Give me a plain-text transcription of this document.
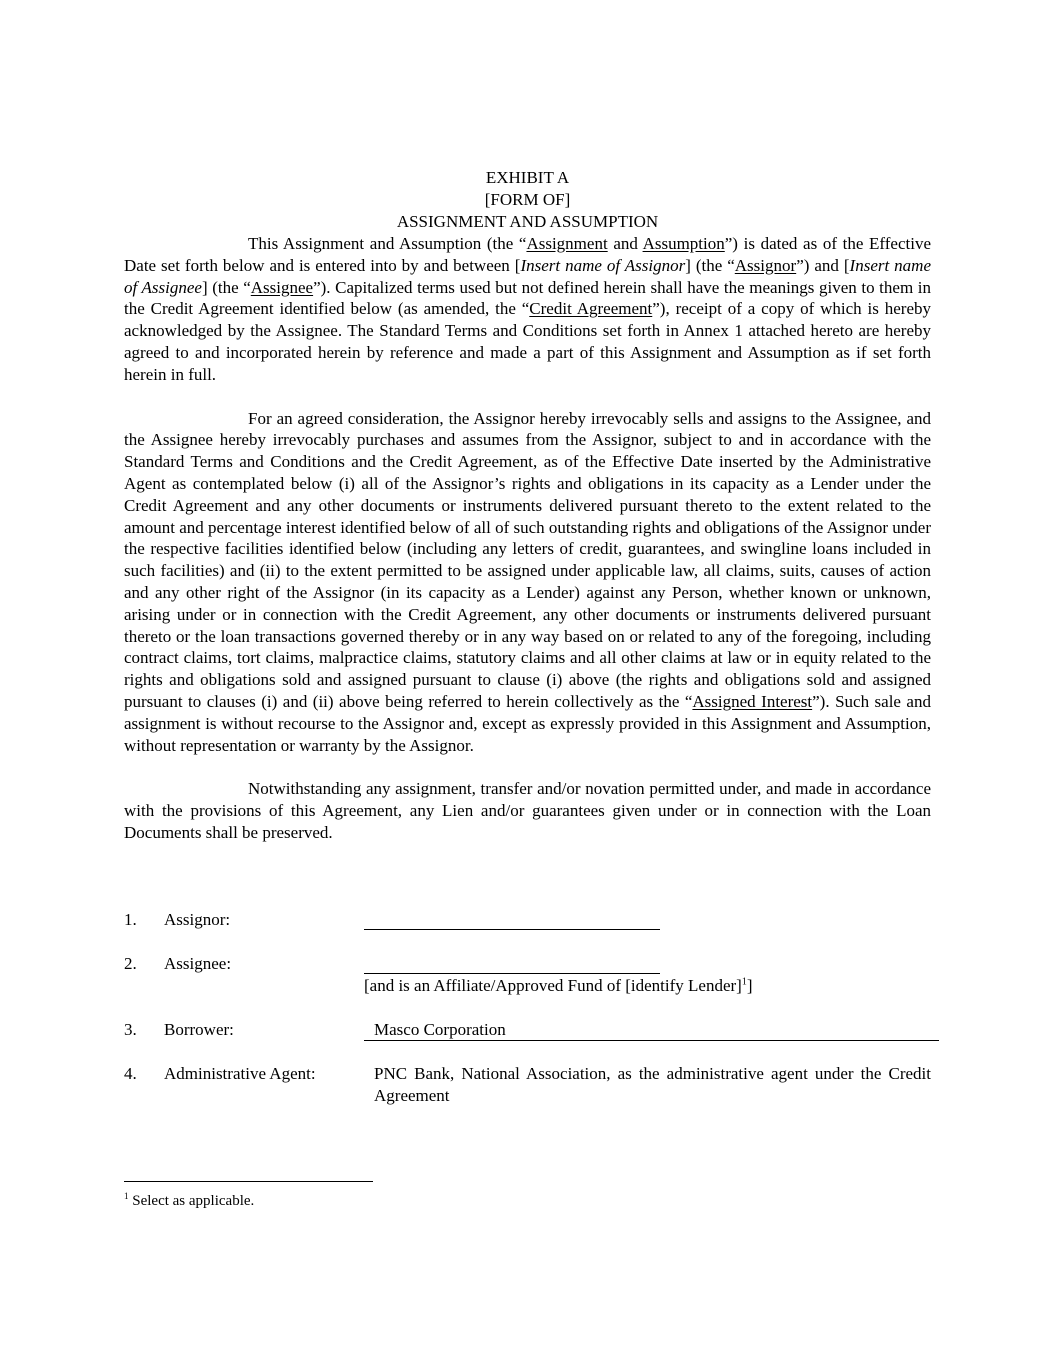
EXHIBIT A

[FORM OF]

ASSIGNMENT AND ASSUMPTION

This Assignment and Assumption (the “Assignment and Assumption”) is dated as of the Effective Date set forth below and is entered into by and between [Insert name of Assignor] (the “Assignor”) and [Insert name of Assignee] (the “Assignee”). Capitalized terms used but not defined herein shall have the meanings given to them in the Credit Agreement identified below (as amended, the “Credit Agreement”), receipt of a copy of which is hereby acknowledged by the Assignee. The Standard Terms and Conditions set forth in Annex 1 attached hereto are hereby agreed to and incorporated herein by reference and made a part of this Assignment and Assumption as if set forth herein in full.

For an agreed consideration, the Assignor hereby irrevocably sells and assigns to the Assignee, and the Assignee hereby irrevocably purchases and assumes from the Assignor, subject to and in accordance with the Standard Terms and Conditions and the Credit Agreement, as of the Effective Date inserted by the Administrative Agent as contemplated below (i) all of the Assignor’s rights and obligations in its capacity as a Lender under the Credit Agreement and any other documents or instruments delivered pursuant thereto to the extent related to the amount and percentage interest identified below of all of such outstanding rights and obligations of the Assignor under the respective facilities identified below (including any letters of credit, guarantees, and swingline loans included in such facilities) and (ii) to the extent permitted to be assigned under applicable law, all claims, suits, causes of action and any other right of the Assignor (in its capacity as a Lender) against any Person, whether known or unknown, arising under or in connection with the Credit Agreement, any other documents or instruments delivered pursuant thereto or the loan transactions governed thereby or in any way based on or related to any of the foregoing, including contract claims, tort claims, malpractice claims, statutory claims and all other claims at law or in equity related to the rights and obligations sold and assigned pursuant to clause (i) above (the rights and obligations sold and assigned pursuant to clauses (i) and (ii) above being referred to herein collectively as the “Assigned Interest”). Such sale and assignment is without recourse to the Assignor and, except as expressly provided in this Assignment and Assumption, without representation or warranty by the Assignor.

Notwithstanding any assignment, transfer and/or novation permitted under, and made in accordance with the provisions of this Agreement, any Lien and/or guarantees given under or in connection with the Loan Documents shall be preserved.

1. Assignor:
2. Assignee:
[and is an Affiliate/Approved Fund of [identify Lender]$^1$]
3. Borrower:	Masco Corporation
4. Administrative Agent:	PNC Bank, National Association, as the administrative agent under the Credit Agreement
$^1$ Select as applicable.
